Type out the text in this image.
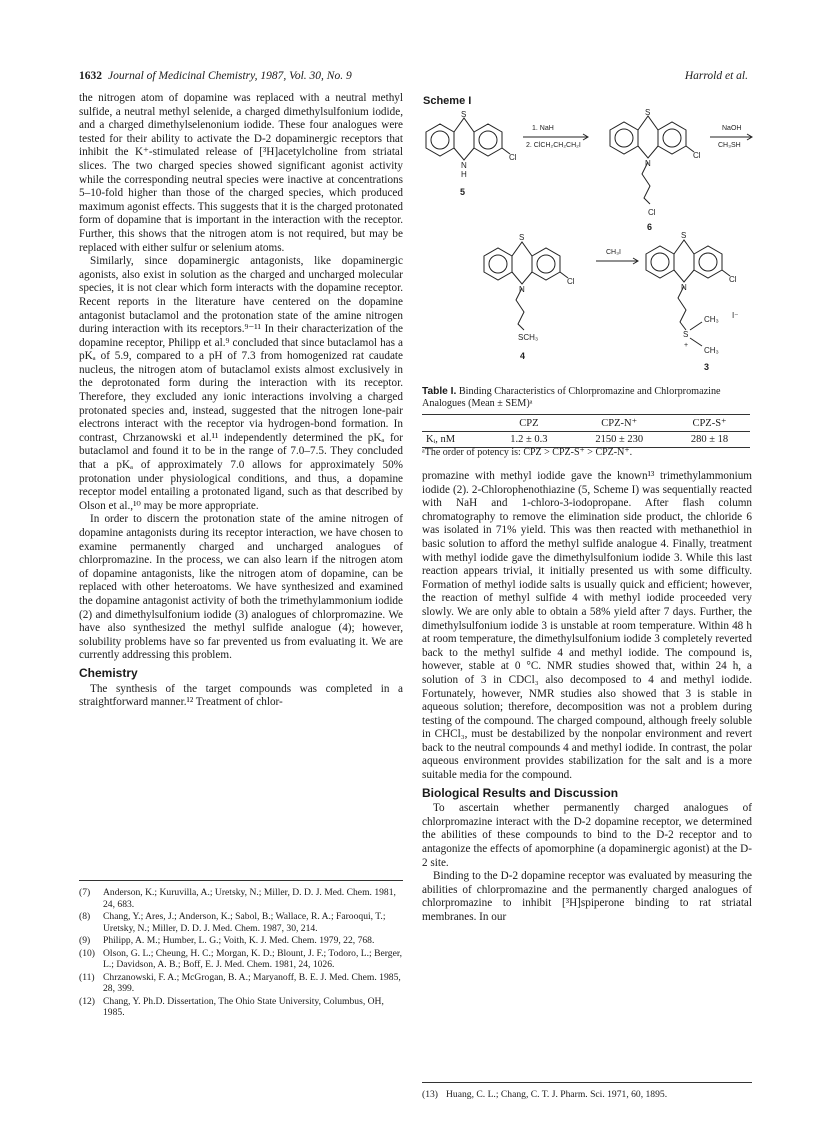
1632 Journal of Medicinal Chemistry, 1987, Vol. 30, No. 9	Harrold et al.

the nitrogen atom of dopamine was replaced with a neutral methyl sulfide, a neutral methyl selenide, a charged dimethylsulfonium iodide, and a charged dimethylselenonium iodide. These four analogues were tested for their ability to activate the D-2 dopaminergic receptors that inhibit the K⁺-stimulated release of [³H]acetylcholine from striatal slices. The two charged species showed significant agonist activity while the corresponding neutral species were inactive at concentrations 5–10-fold higher than those of the charged species, which produced maximum agonist effects. This suggests that it is the charged protonated form of dopamine that is important in the interaction with the receptor. Further, this shows that the nitrogen atom is not required, but may be replaced with either sulfur or selenium atoms.

Similarly, since dopaminergic antagonists, like dopaminergic agonists, also exist in solution as the charged and uncharged molecular species, it is not clear which form interacts with the dopamine receptor. Recent reports in the literature have centered on the dopamine antagonist butaclamol and the protonation state of the amine nitrogen during interaction with its receptors.⁹⁻¹¹ In their characterization of the dopamine receptor, Philipp et al.⁹ concluded that since butaclamol has a pKₐ of 5.9, compared to a pH of 7.3 from homogenized rat caudate nucleus, the nitrogen atom of butaclamol exists almost exclusively in the deprotonated form during the interaction with its receptor. Therefore, they excluded any ionic interactions involving a charged protonated species and, instead, suggested that the nitrogen lone-pair electrons interact with the receptor via hydrogen-bond formation. In contrast, Chrzanowski et al.¹¹ independently determined the pKₐ for butaclamol and found it to be in the range of 7.0–7.5. They concluded that a pKₐ of approximately 7.0 allows for approximately 50% protonation under physiological conditions, and thus, a dopamine receptor model entailing a protonated ligand, such as that described by Olson et al.,¹⁰ may be more appropriate.

In order to discern the protonation state of the amine nitrogen of dopamine antagonists during its receptor interaction, we have chosen to examine permanently charged and uncharged analogues of chlorpromazine. In the process, we can also learn if the nitrogen atom of dopamine antagonists, like the nitrogen atom of dopamine, can be replaced with other heteroatoms. We have synthesized and examined the dopamine antagonist activity of both the trimethylammonium iodide (2) and dimethylsulfonium iodide (3) analogues of chlorpromazine. We have also synthesized the methyl sulfide analogue (4); however, solubility problems have so far prevented us from evaluating it. We are currently addressing this problem.

Chemistry

The synthesis of the target compounds was completed in a straightforward manner.¹² Treatment of chlor-

(7)	Anderson, K.; Kuruvilla, A.; Uretsky, N.; Miller, D. D. J. Med. Chem. 1981, 24, 683.
(8)	Chang, Y.; Ares, J.; Anderson, K.; Sabol, B.; Wallace, R. A.; Farooqui, T.; Uretsky, N.; Miller, D. D. J. Med. Chem. 1987, 30, 214.
(9)	Philipp, A. M.; Humber, L. G.; Voith, K. J. Med. Chem. 1979, 22, 768.
(10) Olson, G. L.; Cheung, H. C.; Morgan, K. D.; Blount, J. F.; Todoro, L.; Berger, L.; Davidson, A. B.; Boff, E. J. Med. Chem. 1981, 24, 1026.
(11) Chrzanowski, F. A.; McGrogan, B. A.; Maryanoff, B. E. J. Med. Chem. 1985, 28, 399.
(12) Chang, Y. Ph.D. Dissertation, The Ohio State University, Columbus, OH, 1985.
Scheme I
S
N
H
Cl
5
1. NaH
2. ClCH₂CH₂CH₂I
S
N
Cl
Cl
6
NaOH
CH₃SH
S
N
Cl
SCH₃
4
CH₃I
S
N
Cl
S
+
CH₃
CH₃
I⁻
3
Table I. Binding Characteristics of Chlorpromazine and Chlorpromazine Analogues (Mean ± SEM)ᵃ
	CPZ	CPZ-N⁺	CPZ-S⁺
Kᵢ, nM	1.2 ± 0.3	2150 ± 230	280 ± 18
ᵃThe order of potency is: CPZ > CPZ-S⁺ > CPZ-N⁺.

promazine with methyl iodide gave the known¹³ trimethylammonium iodide (2). 2-Chlorophenothiazine (5, Scheme I) was sequentially reacted with NaH and 1-chloro-3-iodopropane. After flash column chromatography to remove the elimination side product, the chloride 6 was isolated in 71% yield. This was then reacted with methanethiol in basic solution to afford the methyl sulfide analogue 4. Finally, treatment with methyl iodide gave the dimethylsulfonium iodide 3. While this last reaction appears trivial, it initially presented us with some difficulty. Formation of methyl iodide salts is usually quick and efficient; however, the reaction of methyl sulfide 4 with methyl iodide proceeded very slowly. We are only able to obtain a 58% yield after 7 days. Further, the dimethylsulfonium iodide 3 is unstable at room temperature. Within 48 h at room temperature, the dimethylsulfonium iodide 3 completely reverted back to the methyl sulfide 4 and methyl iodide. The compound is, however, stable at 0 °C. NMR studies showed that, within 24 h, a solution of 3 in CDCl₃ also decomposed to 4 and methyl iodide. Fortunately, however, NMR studies also showed that 3 is stable in aqueous solution; therefore, decomposition was not a problem during testing of the compound. The charged compound, although freely soluble in CHCl₃, must be destabilized by the nonpolar environment and revert back to the neutral compounds 4 and methyl iodide. In contrast, the polar aqueous environment provides stabilization for the salt and is a more suitable media for the compound.

Biological Results and Discussion

To ascertain whether permanently charged analogues of chlorpromazine interact with the D-2 dopamine receptor, we determined the abilities of these compounds to bind to the D-2 receptor and to antagonize the effects of apomorphine (a dopaminergic agonist) at the D-2 site.

Binding to the D-2 dopamine receptor was evaluated by measuring the abilities of chlorpromazine and the permanently charged analogues of chlorpromazine to inhibit [³H]spiperone binding to rat striatal membranes. In our

(13) Huang, C. L.; Chang, C. T. J. Pharm. Sci. 1971, 60, 1895.
